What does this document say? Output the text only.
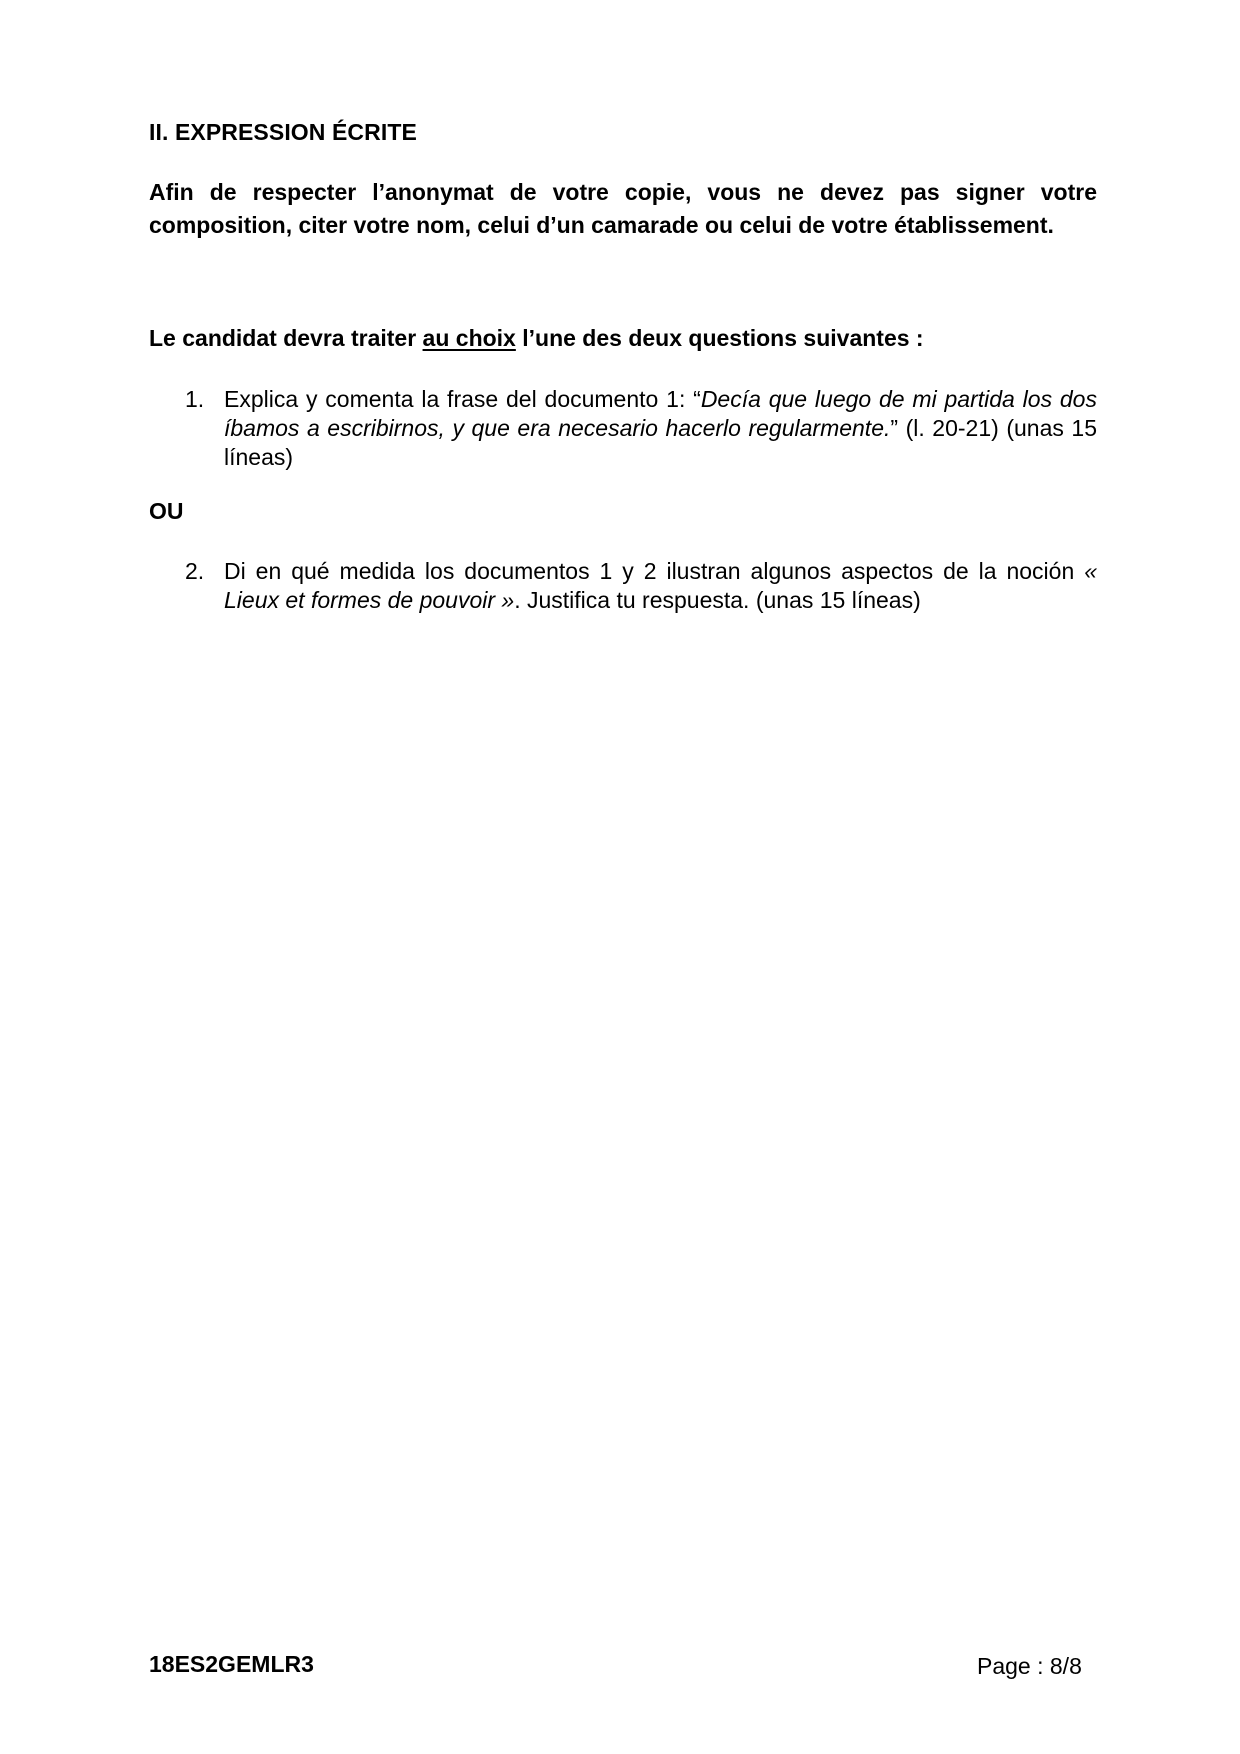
II. EXPRESSION ÉCRITE
Afin de respecter l’anonymat de votre copie, vous ne devez pas signer votre composition, citer votre nom, celui d’un camarade ou celui de votre établissement.
Le candidat devra traiter au choix l’une des deux questions suivantes :
1. Explica y comenta la frase del documento 1: “Decía que luego de mi partida los dos íbamos a escribirnos, y que era necesario hacerlo regularmente.” (l. 20-21) (unas 15 líneas)
OU
2. Di en qué medida los documentos 1 y 2 ilustran algunos aspectos de la noción « Lieux et formes de pouvoir ». Justifica tu respuesta. (unas 15 líneas)
18ES2GEMLR3	Page : 8/8
